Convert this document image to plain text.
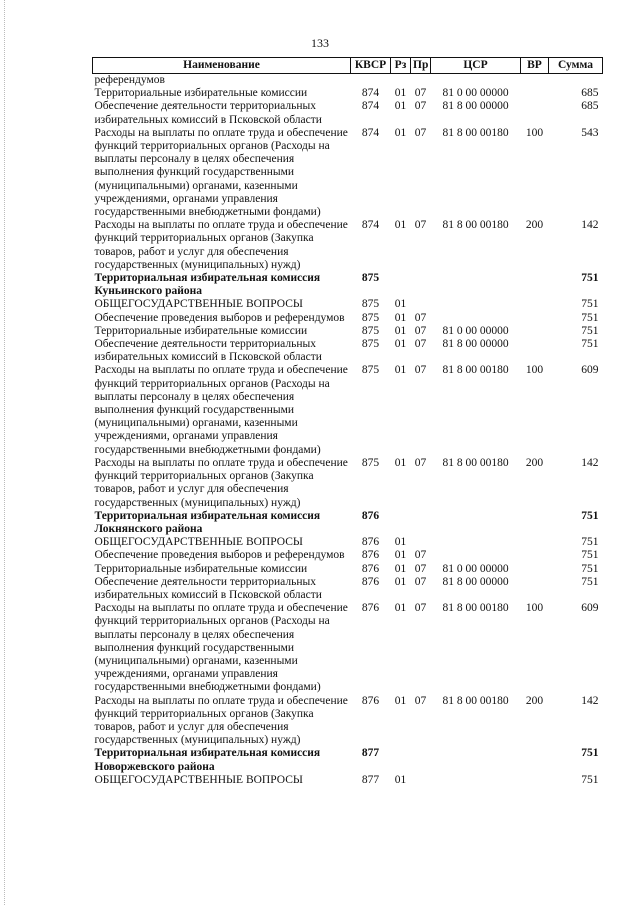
133
Наименование	КВСР	Рз	Пр	ЦСР	ВР	Сумма
референдумов						
Территориальные избирательные комиссии	874	01	07	81 0 00 00000		685
Обеспечение деятельности территориальных избирательных комиссий в Псковской области	874	01	07	81 8 00 00000		685
Расходы на выплаты по оплате труда и обеспечение функций территориальных органов (Расходы на выплаты персоналу в целях обеспечения выполнения функций государственными (муниципальными) органами, казенными учреждениями, органами управления государственными внебюджетными фондами)	874	01	07	81 8 00 00180	100	543
Расходы на выплаты по оплате труда и обеспечение функций территориальных органов (Закупка товаров, работ и услуг для обеспечения государственных (муниципальных) нужд)	874	01	07	81 8 00 00180	200	142
Территориальная избирательная комиссия Куньинского района	875					751
ОБЩЕГОСУДАРСТВЕННЫЕ ВОПРОСЫ	875	01				751
Обеспечение проведения выборов и референдумов	875	01	07			751
Территориальные избирательные комиссии	875	01	07	81 0 00 00000		751
Обеспечение деятельности территориальных избирательных комиссий в Псковской области	875	01	07	81 8 00 00000		751
Расходы на выплаты по оплате труда и обеспечение функций территориальных органов (Расходы на выплаты персоналу в целях обеспечения выполнения функций государственными (муниципальными) органами, казенными учреждениями, органами управления государственными внебюджетными фондами)	875	01	07	81 8 00 00180	100	609
Расходы на выплаты по оплате труда и обеспечение функций территориальных органов (Закупка товаров, работ и услуг для обеспечения государственных (муниципальных) нужд)	875	01	07	81 8 00 00180	200	142
Территориальная избирательная комиссия Локнянского района	876					751
ОБЩЕГОСУДАРСТВЕННЫЕ ВОПРОСЫ	876	01				751
Обеспечение проведения выборов и референдумов	876	01	07			751
Территориальные избирательные комиссии	876	01	07	81 0 00 00000		751
Обеспечение деятельности территориальных избирательных комиссий в Псковской области	876	01	07	81 8 00 00000		751
Расходы на выплаты по оплате труда и обеспечение функций территориальных органов (Расходы на выплаты персоналу в целях обеспечения выполнения функций государственными (муниципальными) органами, казенными учреждениями, органами управления государственными внебюджетными фондами)	876	01	07	81 8 00 00180	100	609
Расходы на выплаты по оплате труда и обеспечение функций территориальных органов (Закупка товаров, работ и услуг для обеспечения государственных (муниципальных) нужд)	876	01	07	81 8 00 00180	200	142
Территориальная избирательная комиссия Новоржевского района	877					751
ОБЩЕГОСУДАРСТВЕННЫЕ ВОПРОСЫ	877	01				751
